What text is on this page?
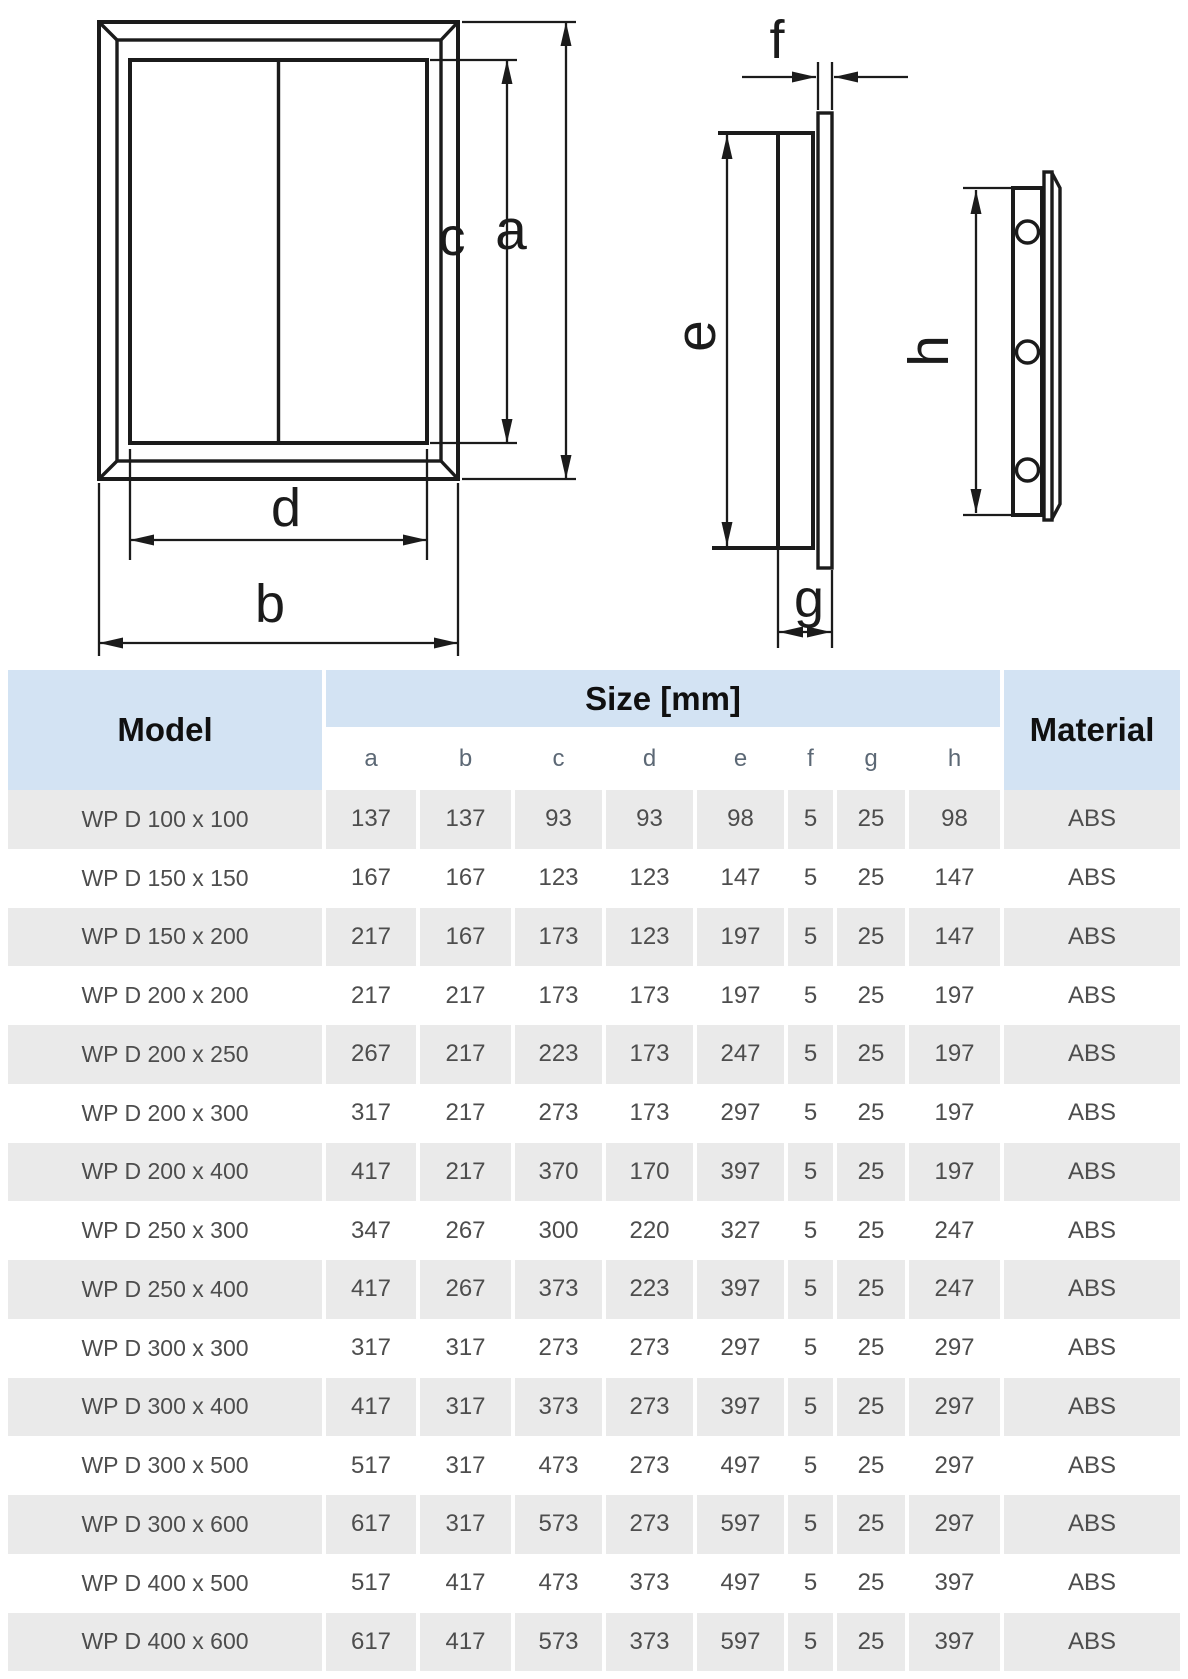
c a
d
b
f
e
g
h
Model	Size [mm]								Material
	a	b	c	d	e	f	g	h	
WP D 100 x 100	137	137	93	93	98	5	25	98	ABS
WP D 150 x 150	167	167	123	123	147	5	25	147	ABS
WP D 150 x 200	217	167	173	123	197	5	25	147	ABS
WP D 200 x 200	217	217	173	173	197	5	25	197	ABS
WP D 200 x 250	267	217	223	173	247	5	25	197	ABS
WP D 200 x 300	317	217	273	173	297	5	25	197	ABS
WP D 200 x 400	417	217	370	170	397	5	25	197	ABS
WP D 250 x 300	347	267	300	220	327	5	25	247	ABS
WP D 250 x 400	417	267	373	223	397	5	25	247	ABS
WP D 300 x 300	317	317	273	273	297	5	25	297	ABS
WP D 300 x 400	417	317	373	273	397	5	25	297	ABS
WP D 300 x 500	517	317	473	273	497	5	25	297	ABS
WP D 300 x 600	617	317	573	273	597	5	25	297	ABS
WP D 400 x 500	517	417	473	373	497	5	25	397	ABS
WP D 400 x 600	617	417	573	373	597	5	25	397	ABS
